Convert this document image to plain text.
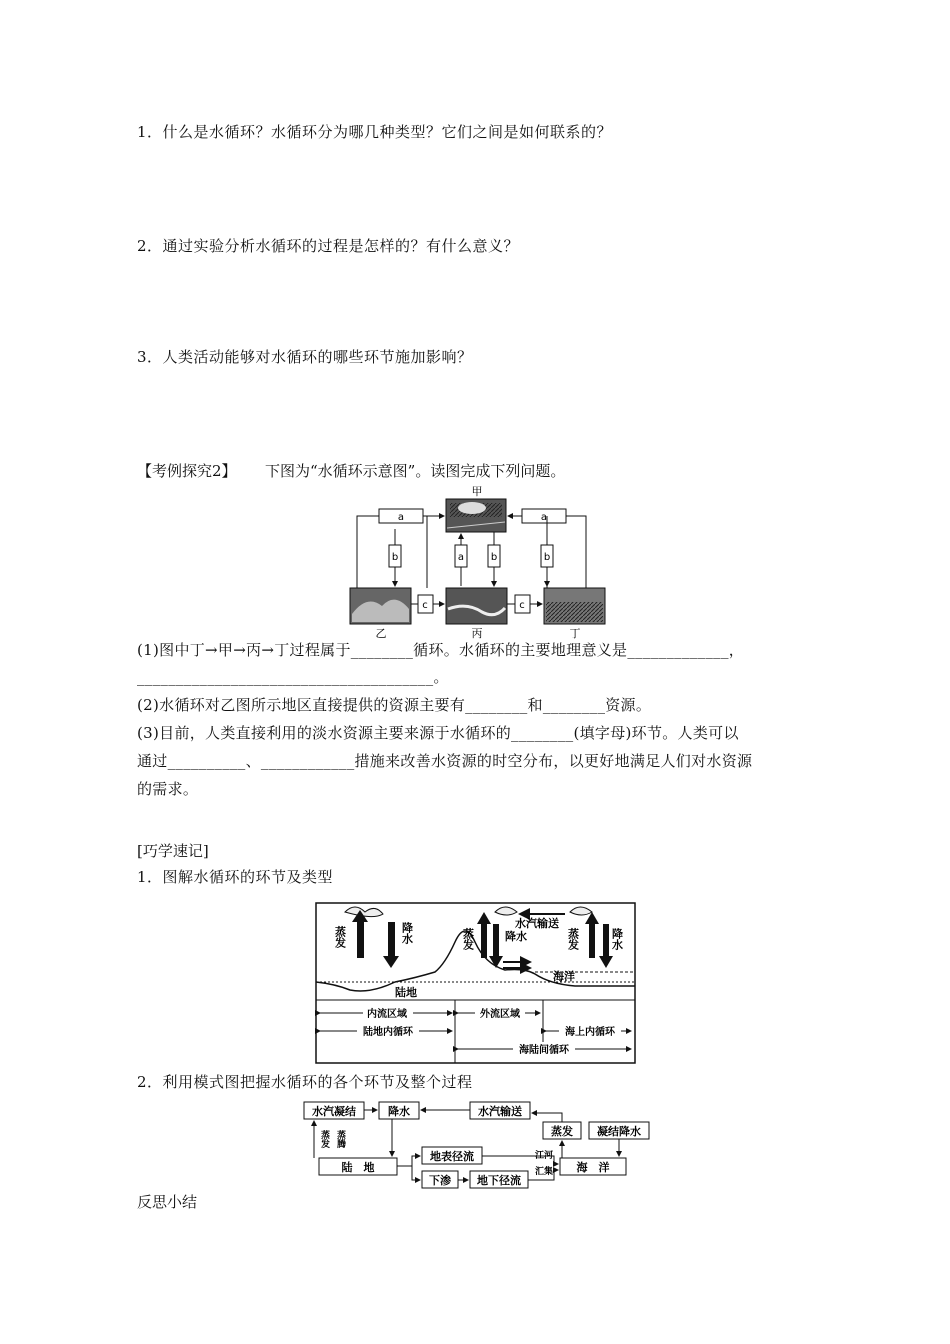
1．什么是水循环？水循环分为哪几种类型？它们之间是如何联系的？
2．通过实验分析水循环的过程是怎样的？有什么意义？
3．人类活动能够对水循环的哪些环节施加影响？
【考例探究2】 下图为“水循环示意图”。读图完成下列问题。
甲
a	a
b	a	b	b
c	c
乙	丙	丁
(1)图中丁→甲→丙→丁过程属于________循环。水循环的主要地理意义是_____________，
______________________________________。
(2)水循环对乙图所示地区直接提供的资源主要有________和________资源。
(3)目前，人类直接利用的淡水资源主要来源于水循环的________(填字母)环节。人类可以
通过__________、____________措施来改善水资源的时空分布，以更好地满足人们对水资源
的需求。
[巧学速记]
1．图解水循环的环节及类型
蒸发	降水	蒸发	降水
水汽输送
蒸发	降水
海洋
陆地
内流区域	外流区域
陆地内循环	海上内循环
海陆间循环
2．利用模式图把握水循环的各个环节及整个过程
水汽凝结	降水	水汽输送
蒸发 凝结降水
陆　地
地表径流
下渗 地下径流
海　洋
蒸发 蒸腾
江河
汇集
反思小结
